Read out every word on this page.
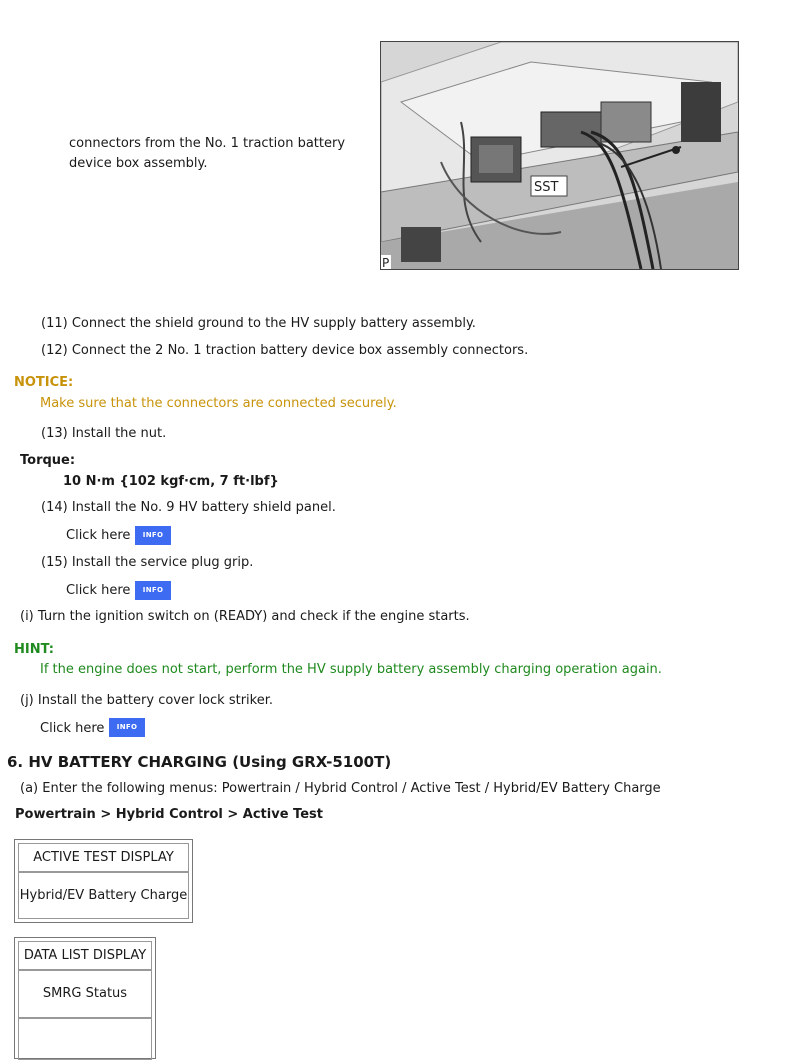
connectors from the No. 1 traction battery device box assembly.
SST
P
(11) Connect the shield ground to the HV supply battery assembly.
(12) Connect the 2 No. 1 traction battery device box assembly connectors.
NOTICE:
Make sure that the connectors are connected securely.
(13) Install the nut.
Torque:
10 N·m {102 kgf·cm, 7 ft·lbf}
(14) Install the No. 9 HV battery shield panel.
Click here	INFO
(15) Install the service plug grip.
Click here	INFO
(i) Turn the ignition switch on (READY) and check if the engine starts.
HINT:
If the engine does not start, perform the HV supply battery assembly charging operation again.
(j) Install the battery cover lock striker.
Click here	INFO
6. HV BATTERY CHARGING (Using GRX-5100T)
(a) Enter the following menus: Powertrain / Hybrid Control / Active Test / Hybrid/EV Battery Charge
Powertrain > Hybrid Control > Active Test
ACTIVE TEST DISPLAY
Hybrid/EV Battery Charge
DATA LIST DISPLAY
SMRG Status
